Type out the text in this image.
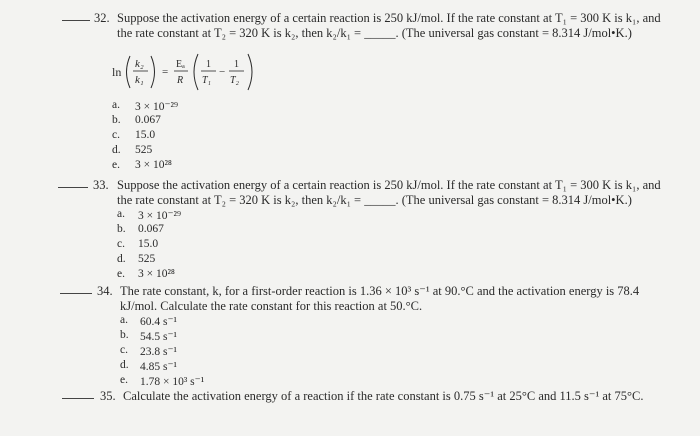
32. Suppose the activation energy of a certain reaction is 250 kJ/mol. If the rate constant at T₁ = 300 K is k₁, and
the rate constant at T₂ = 320 K is k₂, then k₂/k₁ = _____. (The universal gas constant = 8.314 J/mol•K.)
ln
k₂
k₁
=
Eₐ
R
1
T₁
−
1
T₂
a. 3 × 10⁻²⁹
b. 0.067
c. 15.0
d. 525
e. 3 × 10²⁸
33. Suppose the activation energy of a certain reaction is 250 kJ/mol. If the rate constant at T₁ = 300 K is k₁, and
the rate constant at T₂ = 320 K is k₂, then k₂/k₁ = _____. (The universal gas constant = 8.314 J/mol•K.)
a. 3 × 10⁻²⁹
b. 0.067
c. 15.0
d. 525
e. 3 × 10²⁸
34. The rate constant, k, for a first-order reaction is 1.36 × 10³ s⁻¹ at 90.°C and the activation energy is 78.4
kJ/mol. Calculate the rate constant for this reaction at 50.°C.
a. 60.4 s⁻¹
b. 54.5 s⁻¹
c. 23.8 s⁻¹
d. 4.85 s⁻¹
e. 1.78 × 10³ s⁻¹
35. Calculate the activation energy of a reaction if the rate constant is 0.75 s⁻¹ at 25°C and 11.5 s⁻¹ at 75°C.
